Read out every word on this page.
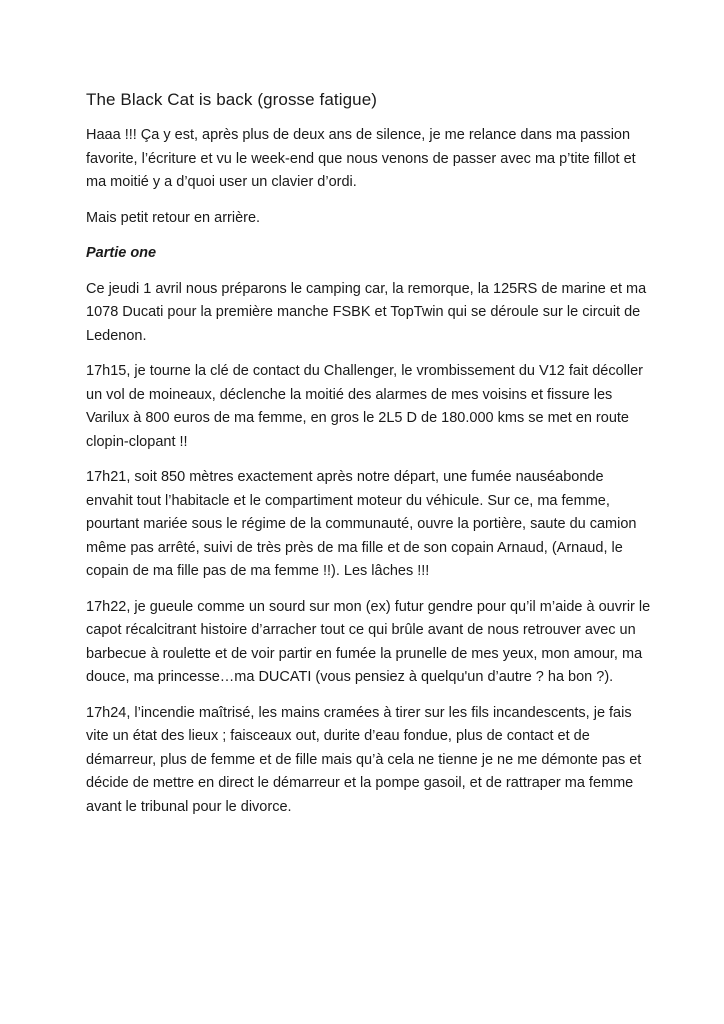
The Black Cat is back (grosse fatigue)

Haaa !!! Ça y est, après plus de deux ans de silence, je me relance dans ma passion favorite, l’écriture et vu le week-end que nous venons de passer avec ma p’tite fillot et ma moitié y a d’quoi user un clavier d’ordi.

Mais petit retour en arrière.

Partie one

Ce jeudi 1 avril nous préparons le camping car, la remorque, la 125RS de marine et ma 1078 Ducati pour la première manche FSBK et TopTwin qui se déroule sur le circuit de Ledenon.

17h15, je tourne la clé de contact du Challenger, le vrombissement du V12 fait décoller un vol de moineaux, déclenche la moitié des alarmes de mes voisins et fissure les Varilux à 800 euros de ma femme, en gros le 2L5 D de 180.000 kms se met en route clopin-clopant !!

17h21, soit 850 mètres exactement après notre départ, une fumée nauséabonde envahit tout l’habitacle et le compartiment moteur du véhicule. Sur ce, ma femme, pourtant mariée sous le régime de la communauté, ouvre la portière, saute du camion même pas arrêté, suivi de très près de ma fille et de son copain Arnaud, (Arnaud, le copain de ma fille pas de ma femme !!). Les lâches !!!

17h22, je gueule comme un sourd sur mon (ex) futur gendre pour qu’il m’aide à ouvrir le capot récalcitrant histoire d’arracher tout ce qui brûle avant de nous retrouver avec un barbecue à roulette et de voir partir en fumée la prunelle de mes yeux, mon amour, ma douce, ma princesse…ma DUCATI (vous pensiez à quelqu'un d’autre ? ha bon ?).

17h24, l’incendie maîtrisé, les mains cramées à tirer sur les fils incandescents, je fais vite un état des lieux ; faisceaux out, durite d’eau fondue, plus de contact et de démarreur, plus de femme et de fille mais qu’à cela ne tienne je ne me démonte pas et décide de mettre en direct le démarreur et la pompe gasoil, et de rattraper ma femme avant le tribunal pour le divorce.
